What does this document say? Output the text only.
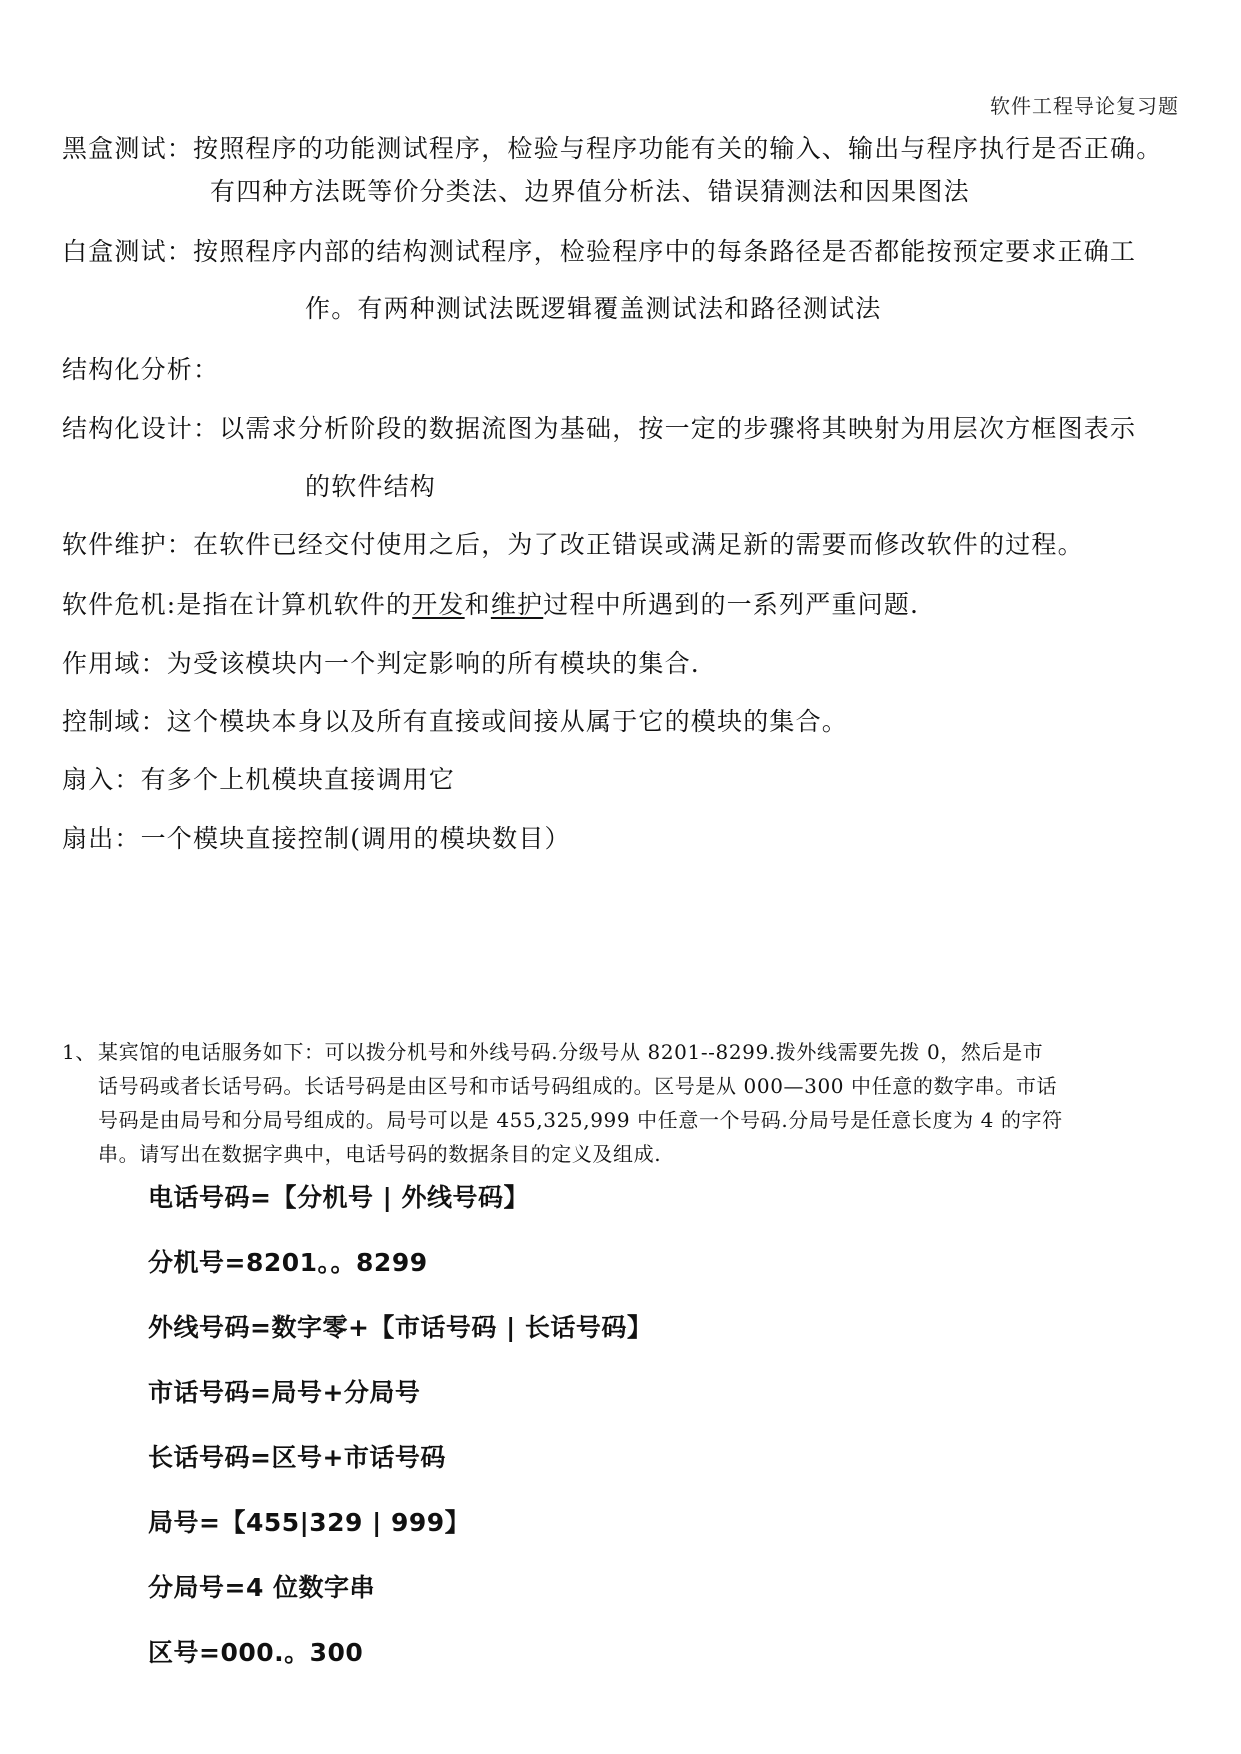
软件工程导论复习题
黑盒测试：按照程序的功能测试程序，检验与程序功能有关的输入、输出与程序执行是否正确。
有四种方法既等价分类法、边界值分析法、错误猜测法和因果图法
白盒测试：按照程序内部的结构测试程序，检验程序中的每条路径是否都能按预定要求正确工
作。有两种测试法既逻辑覆盖测试法和路径测试法
结构化分析：
结构化设计：以需求分析阶段的数据流图为基础，按一定的步骤将其映射为用层次方框图表示
的软件结构
软件维护：在软件已经交付使用之后，为了改正错误或满足新的需要而修改软件的过程。
软件危机:是指在计算机软件的开发和维护过程中所遇到的一系列严重问题.
作用域：为受该模块内一个判定影响的所有模块的集合.
控制域：这个模块本身以及所有直接或间接从属于它的模块的集合。
扇入：有多个上机模块直接调用它
扇出：一个模块直接控制(调用的模块数目）
1、 某宾馆的电话服务如下：可以拨分机号和外线号码.分级号从 8201--8299.拨外线需要先拨 0，然后是市
话号码或者长话号码。长话号码是由区号和市话号码组成的。区号是从 000—300 中任意的数字串。市话
号码是由局号和分局号组成的。局号可以是 455,325,999 中任意一个号码.分局号是任意长度为 4 的字符
串。请写出在数据字典中，电话号码的数据条目的定义及组成.
电话号码=【分机号 | 外线号码】
分机号=8201。。8299
外线号码=数字零+【市话号码 | 长话号码】
市话号码=局号+分局号
长话号码=区号+市话号码
局号=【455|329 | 999】
分局号=4 位数字串
区号=000.。300
